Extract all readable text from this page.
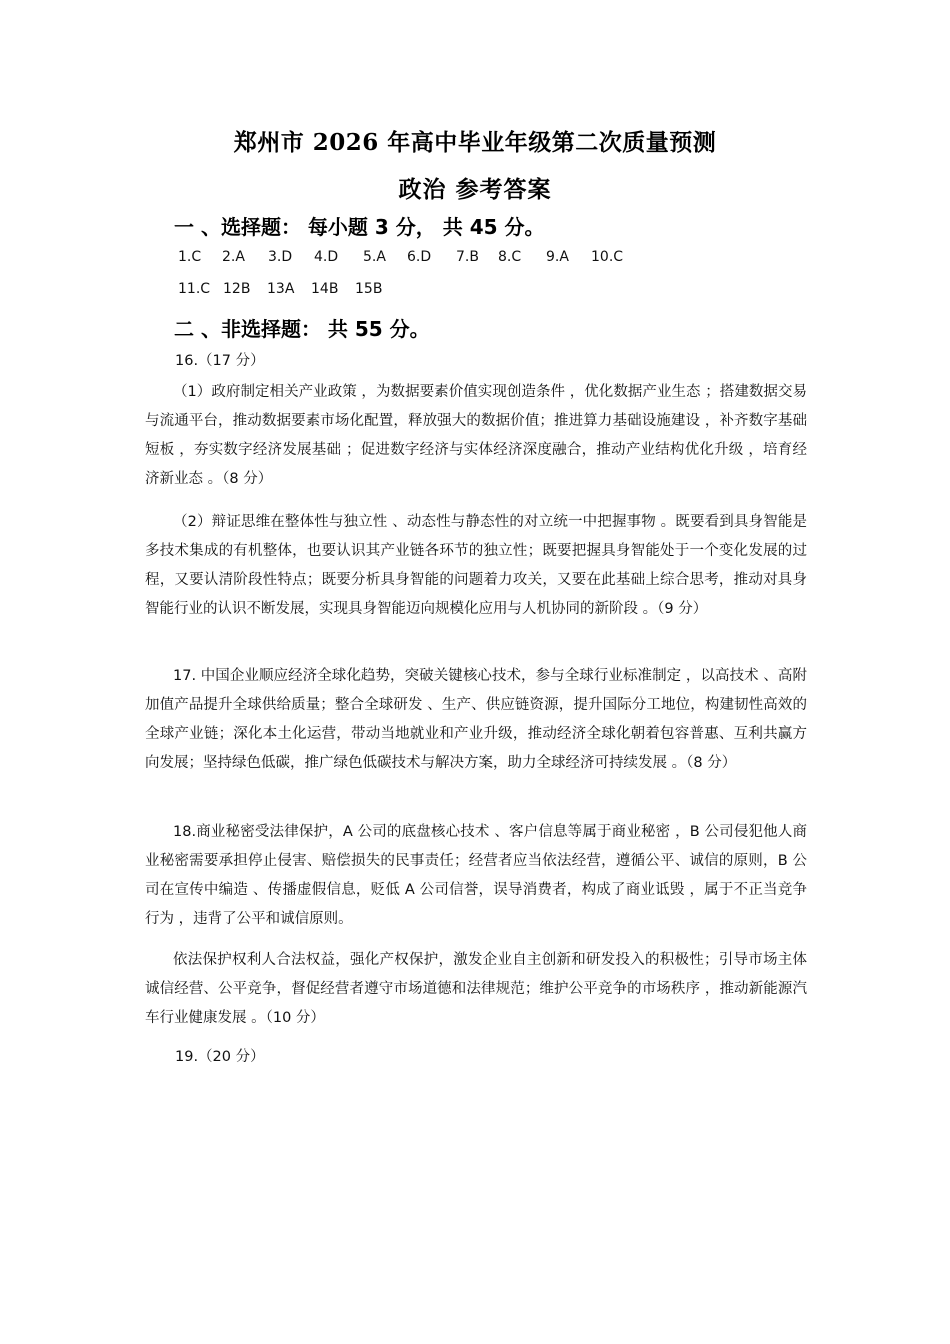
郑州市 2026 年高中毕业年级第二次质量预测
政治 参考答案
一 、选择题： 每小题 3 分， 共 45 分。
1.C 2.A 3.D 4.D 5.A 6.D 7.B 8.C 9.A 10.C
11.C 12B 13A 14B 15B
二 、非选择题： 共 55 分。

16.（17 分）

（1）政府制定相关产业政策 ，为数据要素价值实现创造条件 ，优化数据产业生态 ；搭建数据交易与流通平台，推动数据要素市场化配置，释放强大的数据价值；推进算力基础设施建设 ，补齐数字基础短板 ，夯实数字经济发展基础 ；促进数字经济与实体经济深度融合，推动产业结构优化升级 ，培育经济新业态 。（8 分）

（2）辩证思维在整体性与独立性 、动态性与静态性的对立统一中把握事物 。既要看到具身智能是多技术集成的有机整体，也要认识其产业链各环节的独立性；既要把握具身智能处于一个变化发展的过程，又要认清阶段性特点；既要分析具身智能的问题着力攻关，又要在此基础上综合思考，推动对具身智能行业的认识不断发展，实现具身智能迈向规模化应用与人机协同的新阶段 。（9 分）

17. 中国企业顺应经济全球化趋势，突破关键核心技术，参与全球行业标准制定 ，以高技术 、高附加值产品提升全球供给质量；整合全球研发 、生产、供应链资源，提升国际分工地位，构建韧性高效的全球产业链；深化本土化运营，带动当地就业和产业升级，推动经济全球化朝着包容普惠、互利共赢方向发展；坚持绿色低碳，推广绿色低碳技术与解决方案，助力全球经济可持续发展 。（8 分）

18.商业秘密受法律保护，A 公司的底盘核心技术 、客户信息等属于商业秘密 ，B 公司侵犯他人商业秘密需要承担停止侵害、赔偿损失的民事责任；经营者应当依法经营，遵循公平、诚信的原则，B 公司在宣传中编造 、传播虚假信息，贬低 A 公司信誉，误导消费者，构成了商业诋毁 ，属于不正当竞争行为 ，违背了公平和诚信原则。

依法保护权利人合法权益，强化产权保护，激发企业自主创新和研发投入的积极性；引导市场主体诚信经营、公平竞争，督促经营者遵守市场道德和法律规范；维护公平竞争的市场秩序 ，推动新能源汽车行业健康发展 。（10 分）

19.（20 分）
